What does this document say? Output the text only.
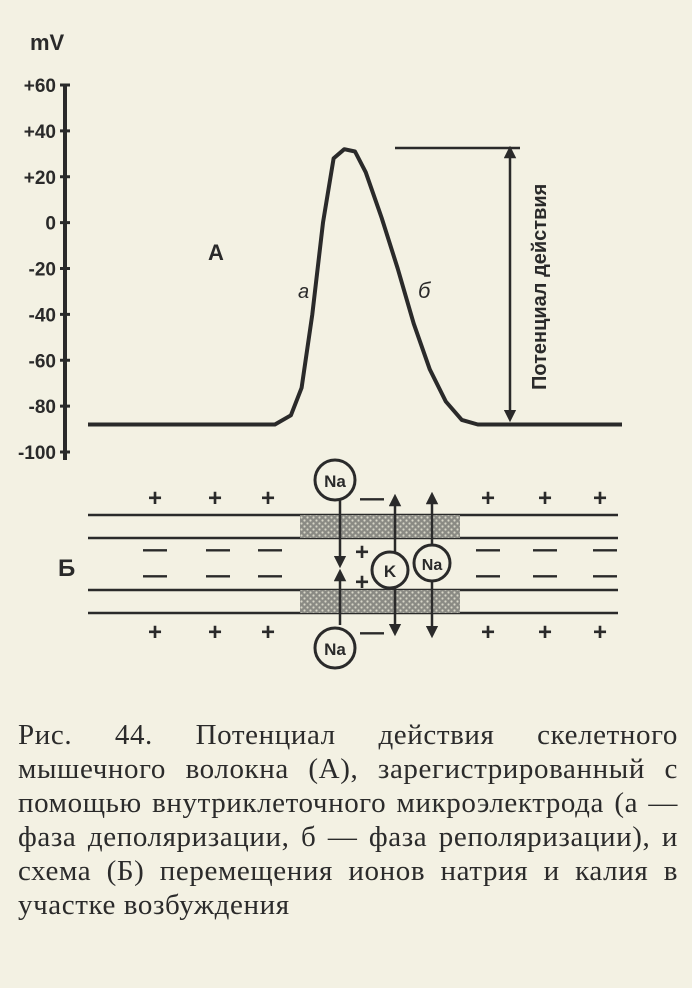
mV
+60
+40
+20
0
-20
-40
-60
-80
-100
А
а	б	Потенциал действия
Б
+ + +	+ + +
—
— — —	— — —
— — —	— — —
+
+
+ + +	+ + +
—
Na
K Na
Na
Рис. 44. Потенциал действия скелетного мышечного волокна (А), зарегистрированный с помощью внутриклеточного микроэлектрода (а — фаза деполяризации, б — фаза реполяризации), и схема (Б) перемещения ионов натрия и калия в участке возбуждения
